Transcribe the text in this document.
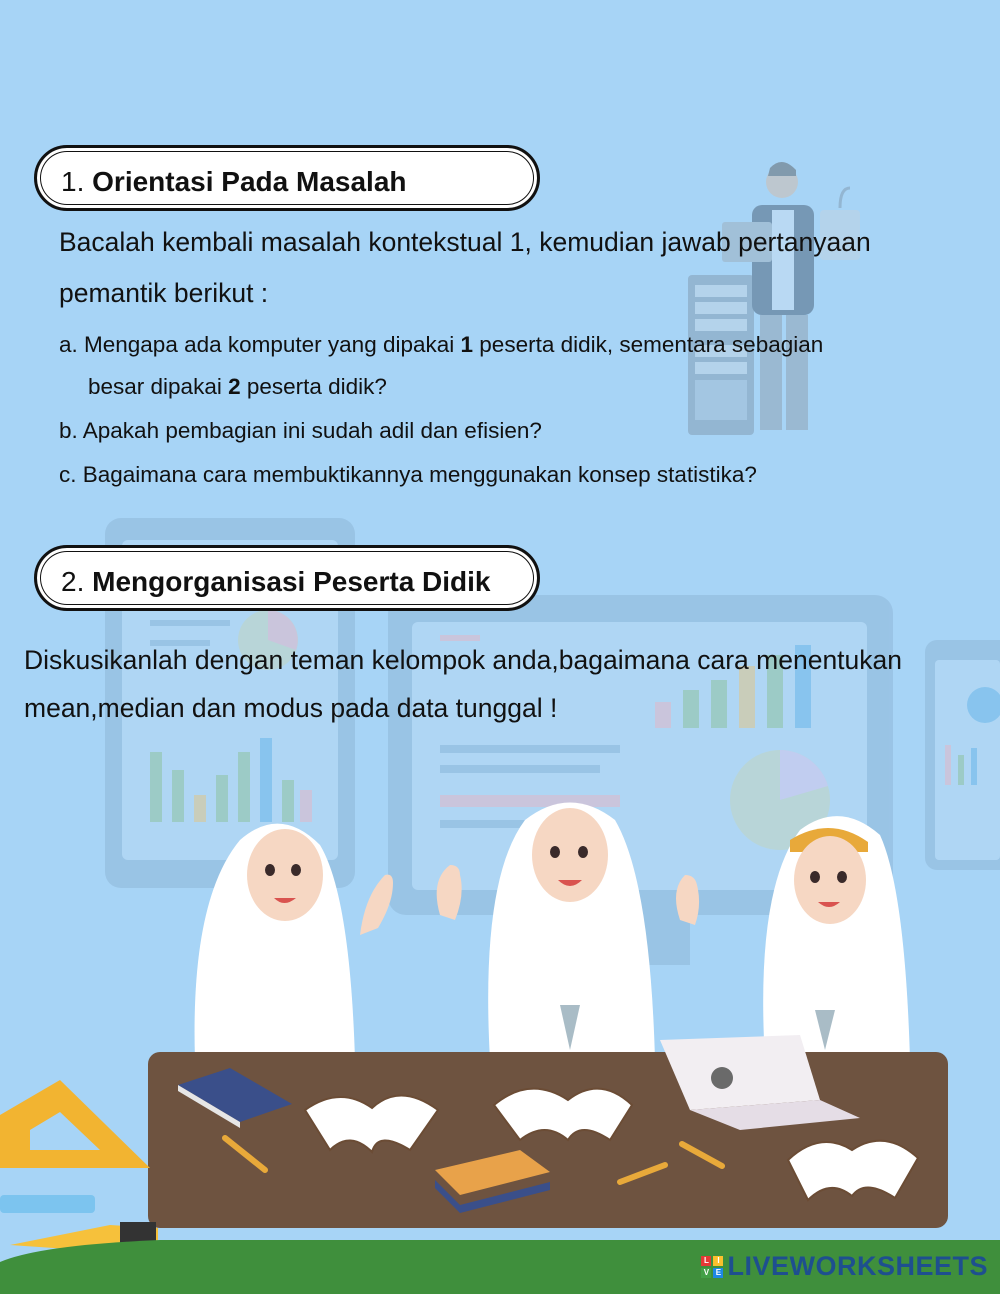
1. Orientasi Pada Masalah
Bacalah kembali masalah kontekstual 1, kemudian jawab pertanyaan
pemantik berikut :
a. Mengapa ada komputer yang dipakai 1 peserta didik, sementara sebagian
besar dipakai 2 peserta didik?
b. Apakah pembagian ini sudah adil dan efisien?
c. Bagaimana cara membuktikannya menggunakan konsep statistika?
2. Mengorganisasi Peserta Didik
Diskusikanlah dengan teman kelompok anda,bagaimana cara menentukan
mean,median dan modus pada data tunggal !
L	I
V E LIVEWORKSHEETS
